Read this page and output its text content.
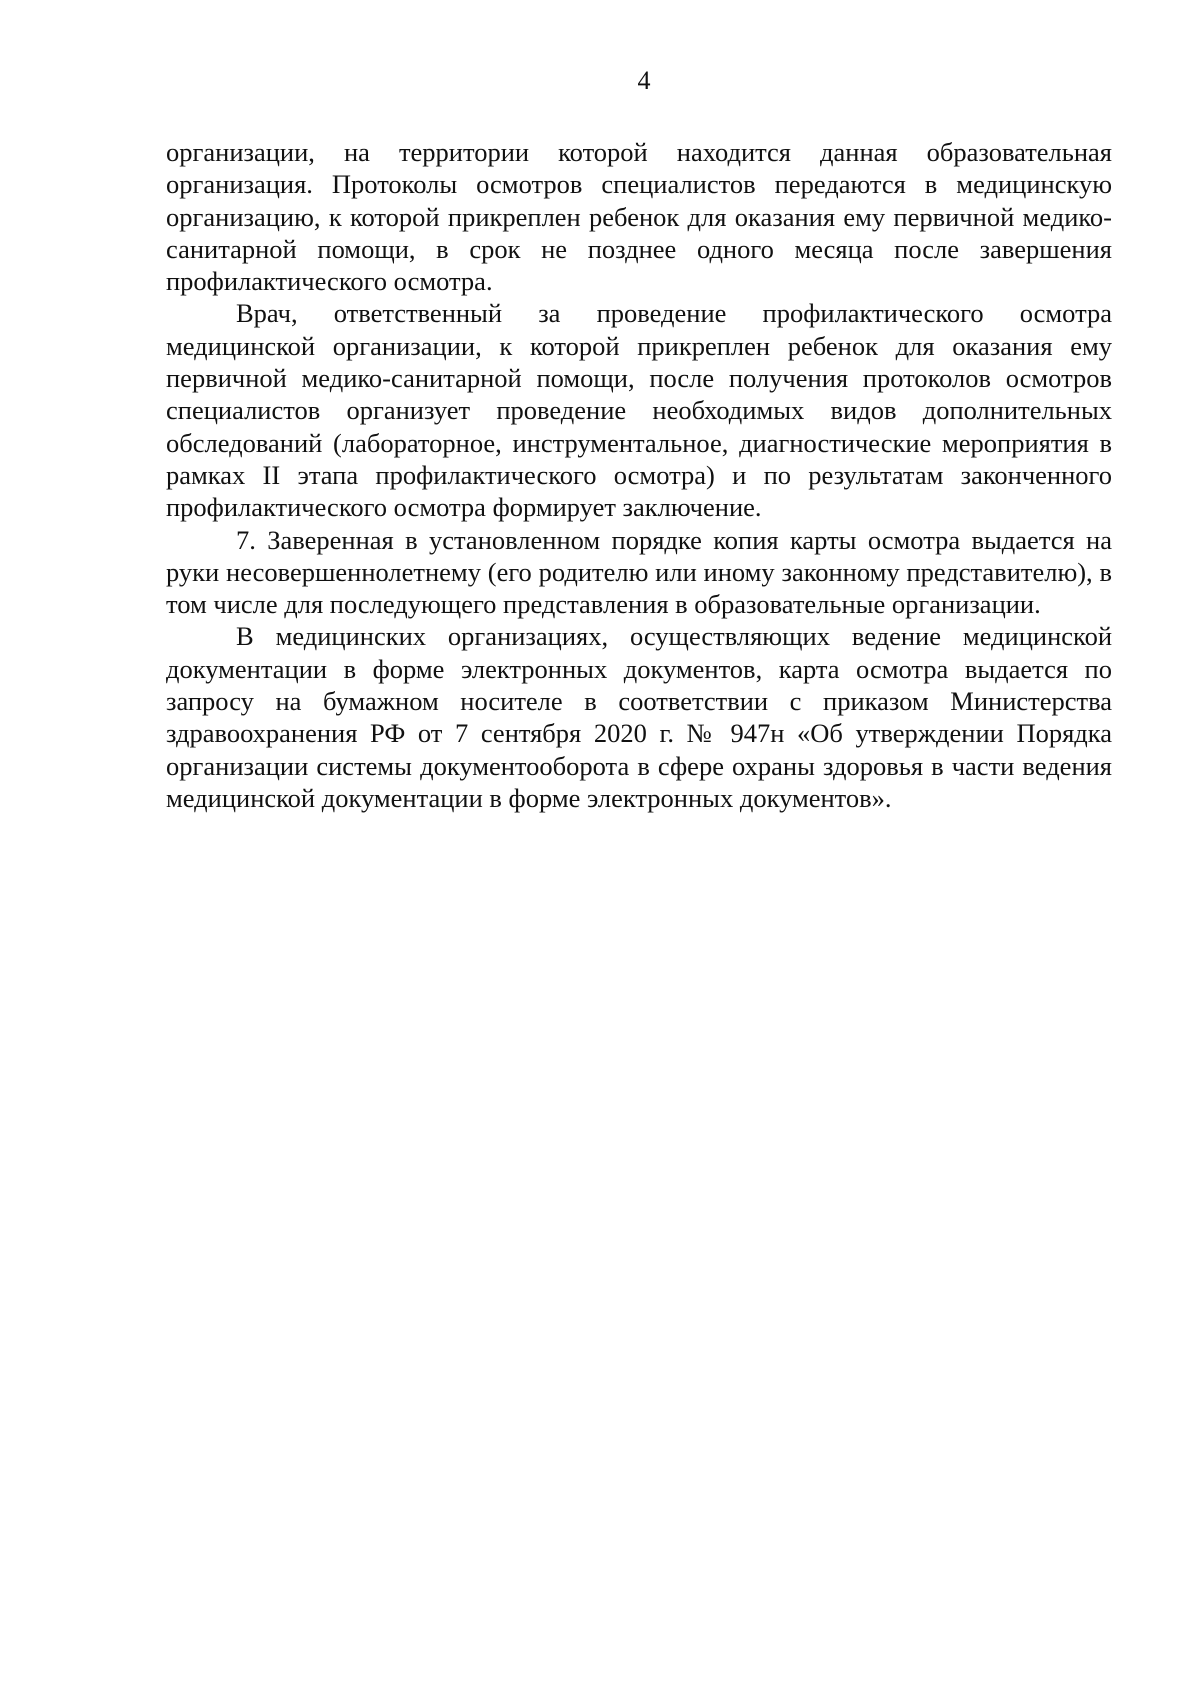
4

организации, на территории которой находится данная образовательная организация. Протоколы осмотров специалистов передаются в медицинскую организацию, к которой прикреплен ребенок для оказания ему первичной медико-санитарной помощи, в срок не позднее одного месяца после завершения профилактического осмотра.

Врач, ответственный за проведение профилактического осмотра медицинской организации, к которой прикреплен ребенок для оказания ему первичной медико-санитарной помощи, после получения протоколов осмотров специалистов организует проведение необходимых видов дополнительных обследований (лабораторное, инструментальное, диагностические мероприятия в рамках II этапа профилактического осмотра) и по результатам законченного профилактического осмотра формирует заключение.

7. Заверенная в установленном порядке копия карты осмотра выдается на руки несовершеннолетнему (его родителю или иному законному представителю), в том числе для последующего представления в образовательные организации.

В медицинских организациях, осуществляющих ведение медицинской документации в форме электронных документов, карта осмотра выдается по запросу на бумажном носителе в соответствии с приказом Министерства здравоохранения РФ от 7 сентября 2020 г. № 947н «Об утверждении Порядка организации системы документооборота в сфере охраны здоровья в части ведения медицинской документации в форме электронных документов».
